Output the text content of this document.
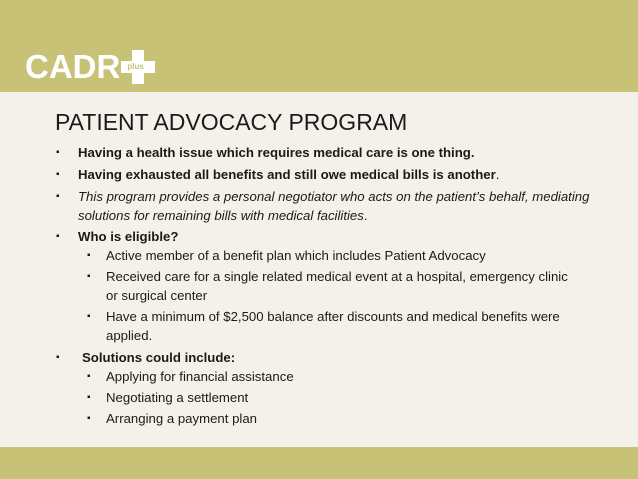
CADR plus
PATIENT ADVOCACY PROGRAM
▪ Having a health issue which requires medical care is one thing.
▪ Having exhausted all benefits and still owe medical bills is another.
▪ This program provides a personal negotiator who acts on the patient’s behalf, mediating solutions for remaining bills with medical facilities.
▪ Who is eligible?
▪ Active member of a benefit plan which includes Patient Advocacy
▪ Received care for a single related medical event at a hospital, emergency clinic or surgical center
▪ Have a minimum of $2,500 balance after discounts and medical benefits were applied.
▪ Solutions could include:
▪ Applying for financial assistance
▪ Negotiating a settlement
▪ Arranging a payment plan
